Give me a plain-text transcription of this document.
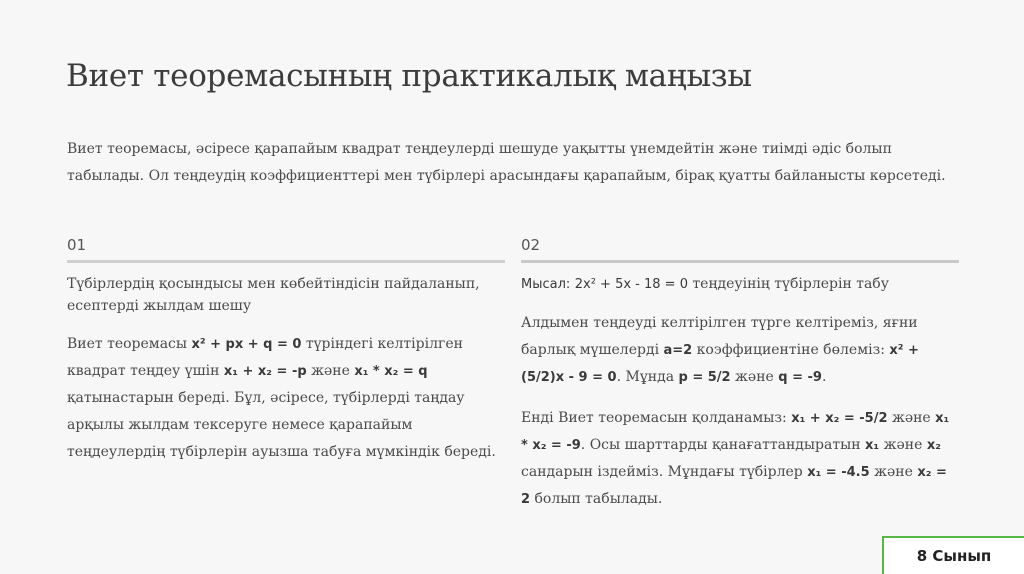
Виет теоремасының практикалық маңызы
Виет теоремасы, әсіресе қарапайым квадрат теңдеулерді шешуде уақытты үнемдейтін және тиімді әдіс болып табылады. Ол теңдеудің коэффициенттері мен түбірлері арасындағы қарапайым, бірақ қуатты байланысты көрсетеді.
01
Түбірлердің қосындысы мен көбейтіндісін пайдаланып, есептерді жылдам шешу
Виет теоремасы x² + px + q = 0 түріндегі келтірілген квадрат теңдеу үшін x₁ + x₂ = -p және x₁ * x₂ = q қатынастарын береді. Бұл, әсіресе, түбірлерді таңдау арқылы жылдам тексеруге немесе қарапайым теңдеулердің түбірлерін ауызша табуға мүмкіндік береді.
02
Мысал: 2x² + 5x - 18 = 0 теңдеуінің түбірлерін табу
Алдымен теңдеуді келтірілген түрге келтіреміз, яғни барлық мүшелерді a=2 коэффициентіне бөлеміз: x² + (5/2)x - 9 = 0. Мұнда p = 5/2 және q = -9.
Енді Виет теоремасын қолданамыз: x₁ + x₂ = -5/2 және x₁ * x₂ = -9. Осы шарттарды қанағаттандыратын x₁ және x₂ сандарын іздейміз. Мұндағы түбірлер x₁ = -4.5 және x₂ = 2 болып табылады.
8 Сынып
